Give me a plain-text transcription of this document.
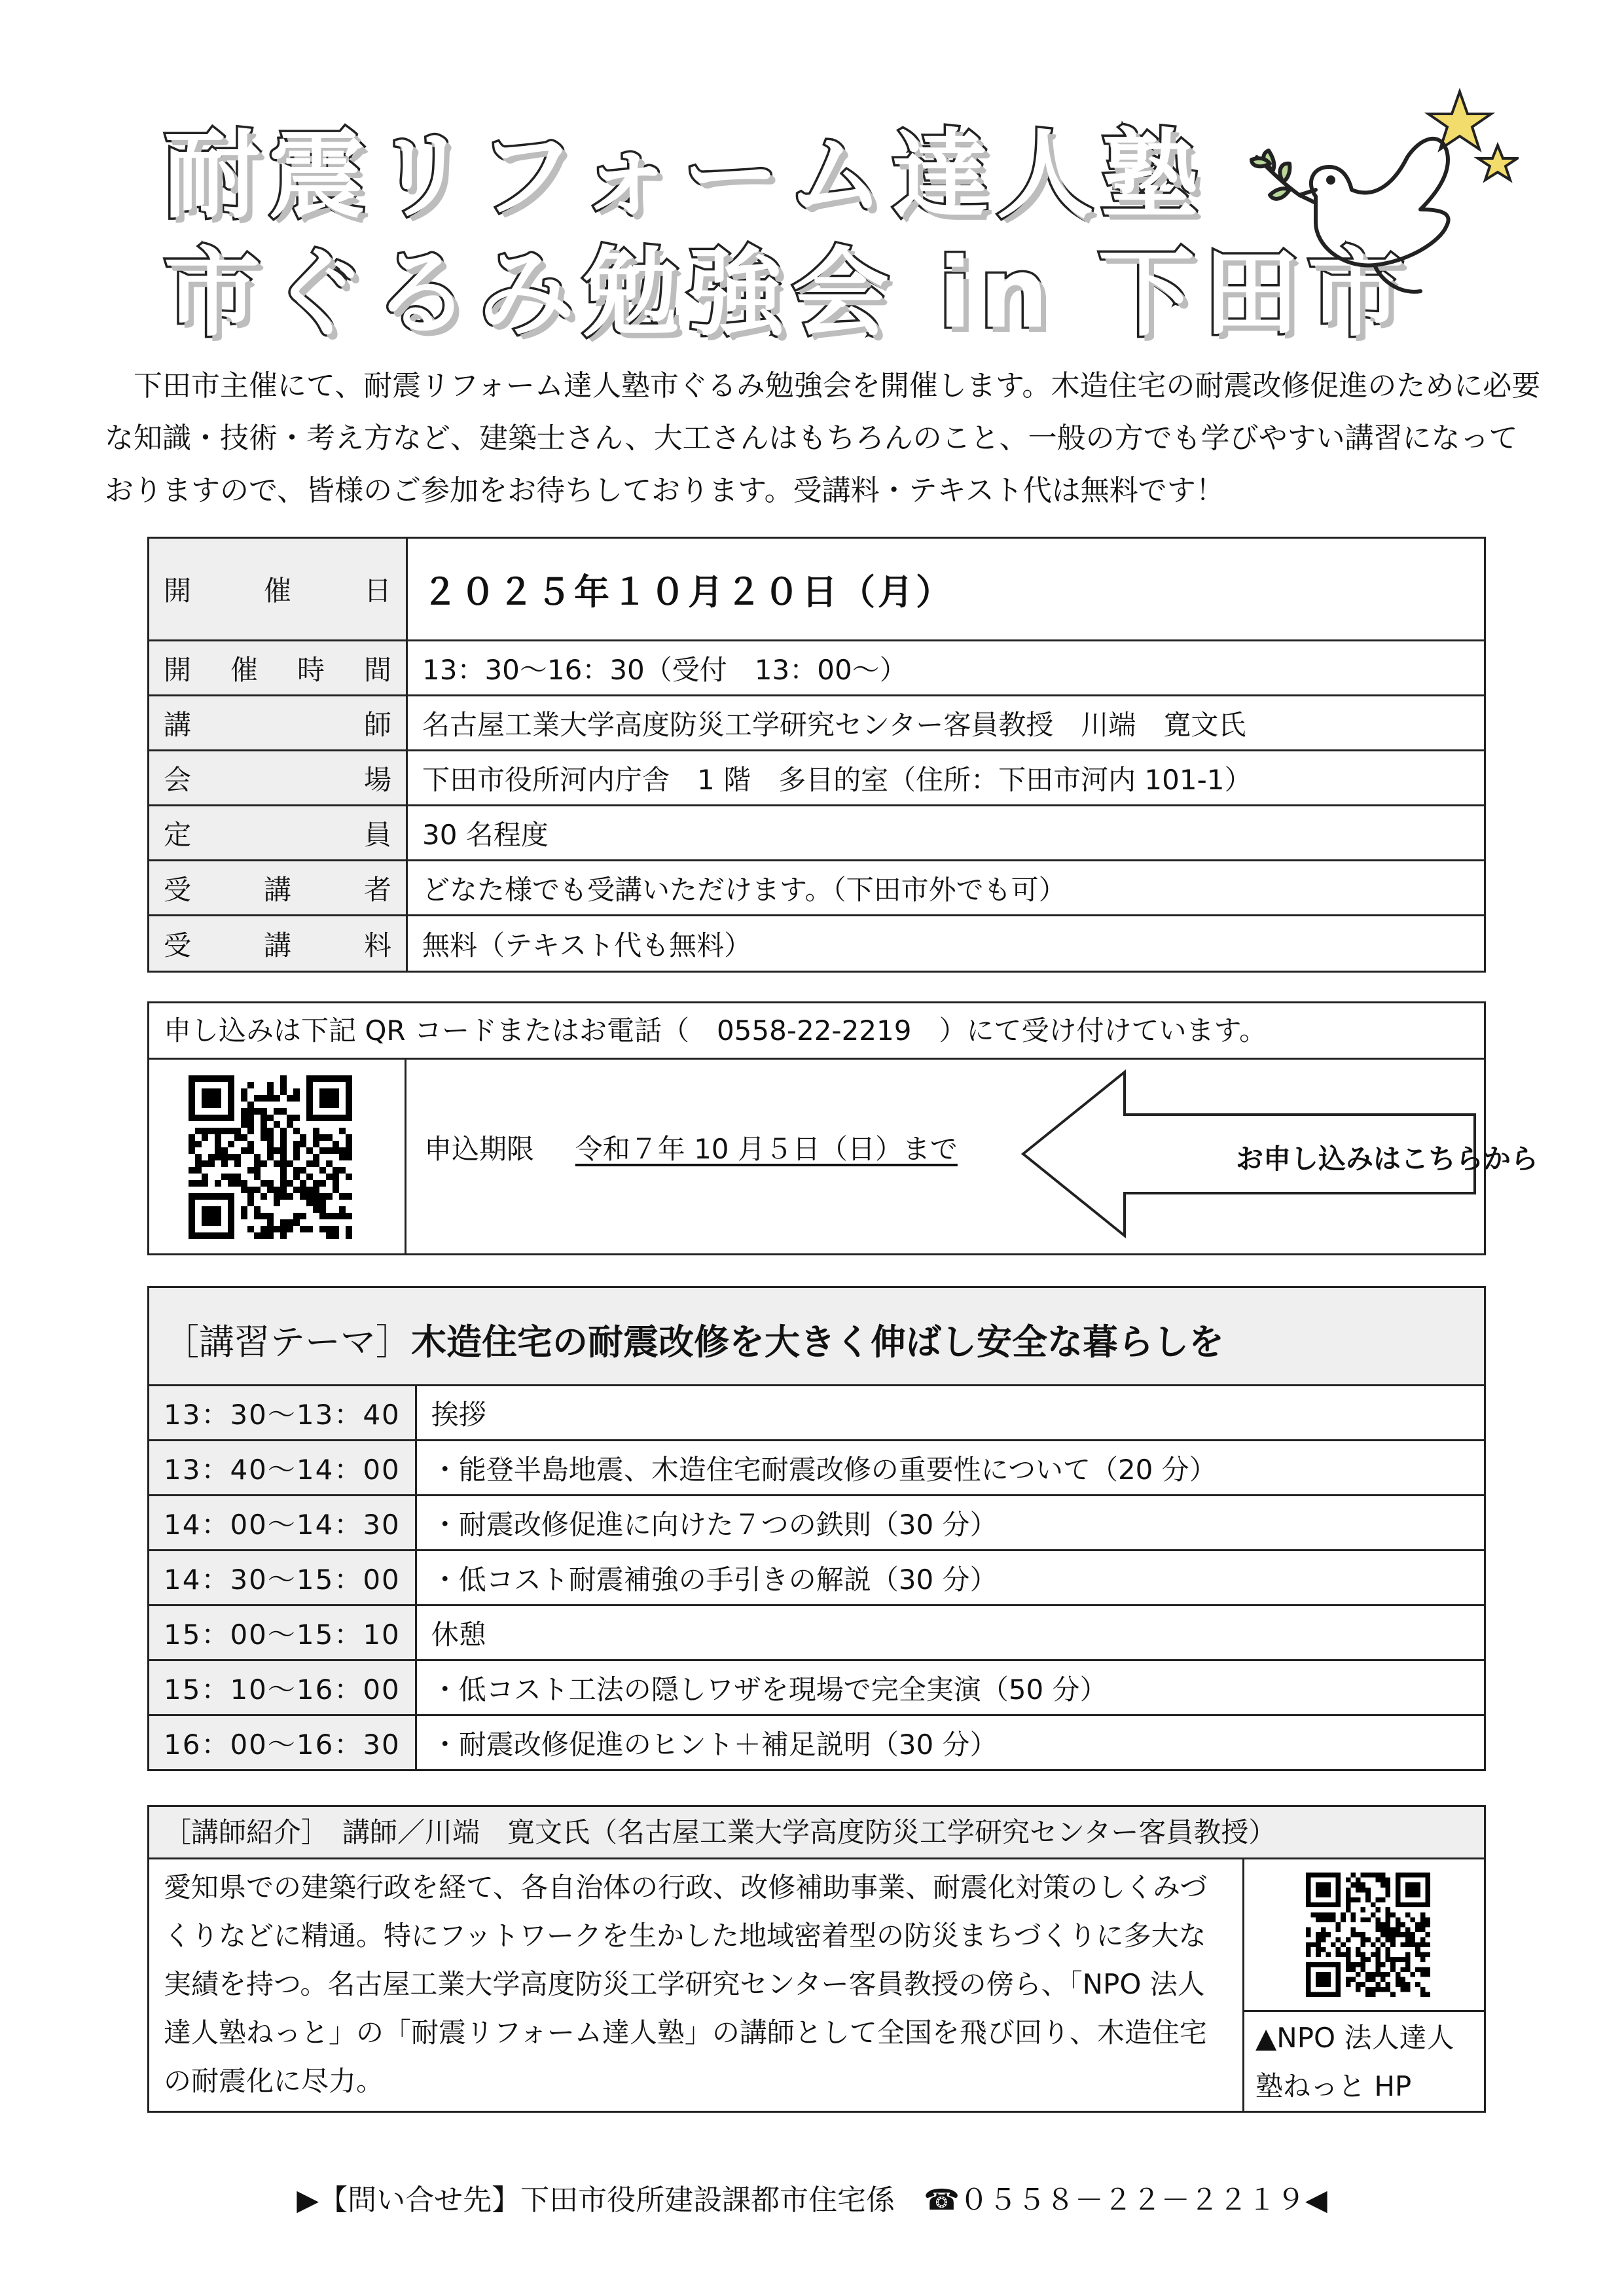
耐震リフォーム達人塾
市ぐるみ勉強会 in 下田市
下田市主催にて、耐震リフォーム達人塾市ぐるみ勉強会を開催します。木造住宅の耐震改修促進のために必要な知識・技術・考え方など、建築士さん、大工さんはもちろんのこと、一般の方でも学びやすい講習になっておりますので、皆様のご参加をお待ちしております。受講料・テキスト代は無料です！
開 催 日	２０２５年１０月２０日（月）

開 催 時 間	13：30〜16：30（受付　13：00〜）

講 師	名古屋工業大学高度防災工学研究センター客員教授　川端　寛文氏

会 場	下田市役所河内庁舎　1 階　多目的室（住所：下田市河内 101-1）

定 員	30 名程度

受 講 者	どなた様でも受講いただけます。（下田市外でも可）

受 講 料	無料（テキスト代も無料）
申し込みは下記 QR コードまたはお電話（　0558-22-2219　）にて受け付けています。
申込期限 令和７年 10 月５日（日）まで	お申し込みはこちらから
［講習テーマ］木造住宅の耐震改修を大きく伸ばし安全な暮らしを
13：30〜13：40	挨拶
13：40〜14：00	・能登半島地震、木造住宅耐震改修の重要性について（20 分）
14：00〜14：30	・耐震改修促進に向けた７つの鉄則（30 分）
14：30〜15：00	・低コスト耐震補強の手引きの解説（30 分）
15：00〜15：10	休憩
15：10〜16：00	・低コスト工法の隠しワザを現場で完全実演（50 分）
16：00〜16：30	・耐震改修促進のヒント＋補足説明（30 分）
［講師紹介］　講師／川端　寛文氏（名古屋工業大学高度防災工学研究センター客員教授）
愛知県での建築行政を経て、各自治体の行政、改修補助事業、耐震化対策のしくみづくりなどに精通。特にフットワークを生かした地域密着型の防災まちづくりに多大な実績を持つ。名古屋工業大学高度防災工学研究センター客員教授の傍ら、「NPO 法人達人塾ねっと」の「耐震リフォーム達人塾」の講師として全国を飛び回り、木造住宅の耐震化に尽力。
▲NPO 法人達人塾ねっと HP
▶【問い合せ先】下田市役所建設課都市住宅係　☎０５５８－２２－２２１９◀
